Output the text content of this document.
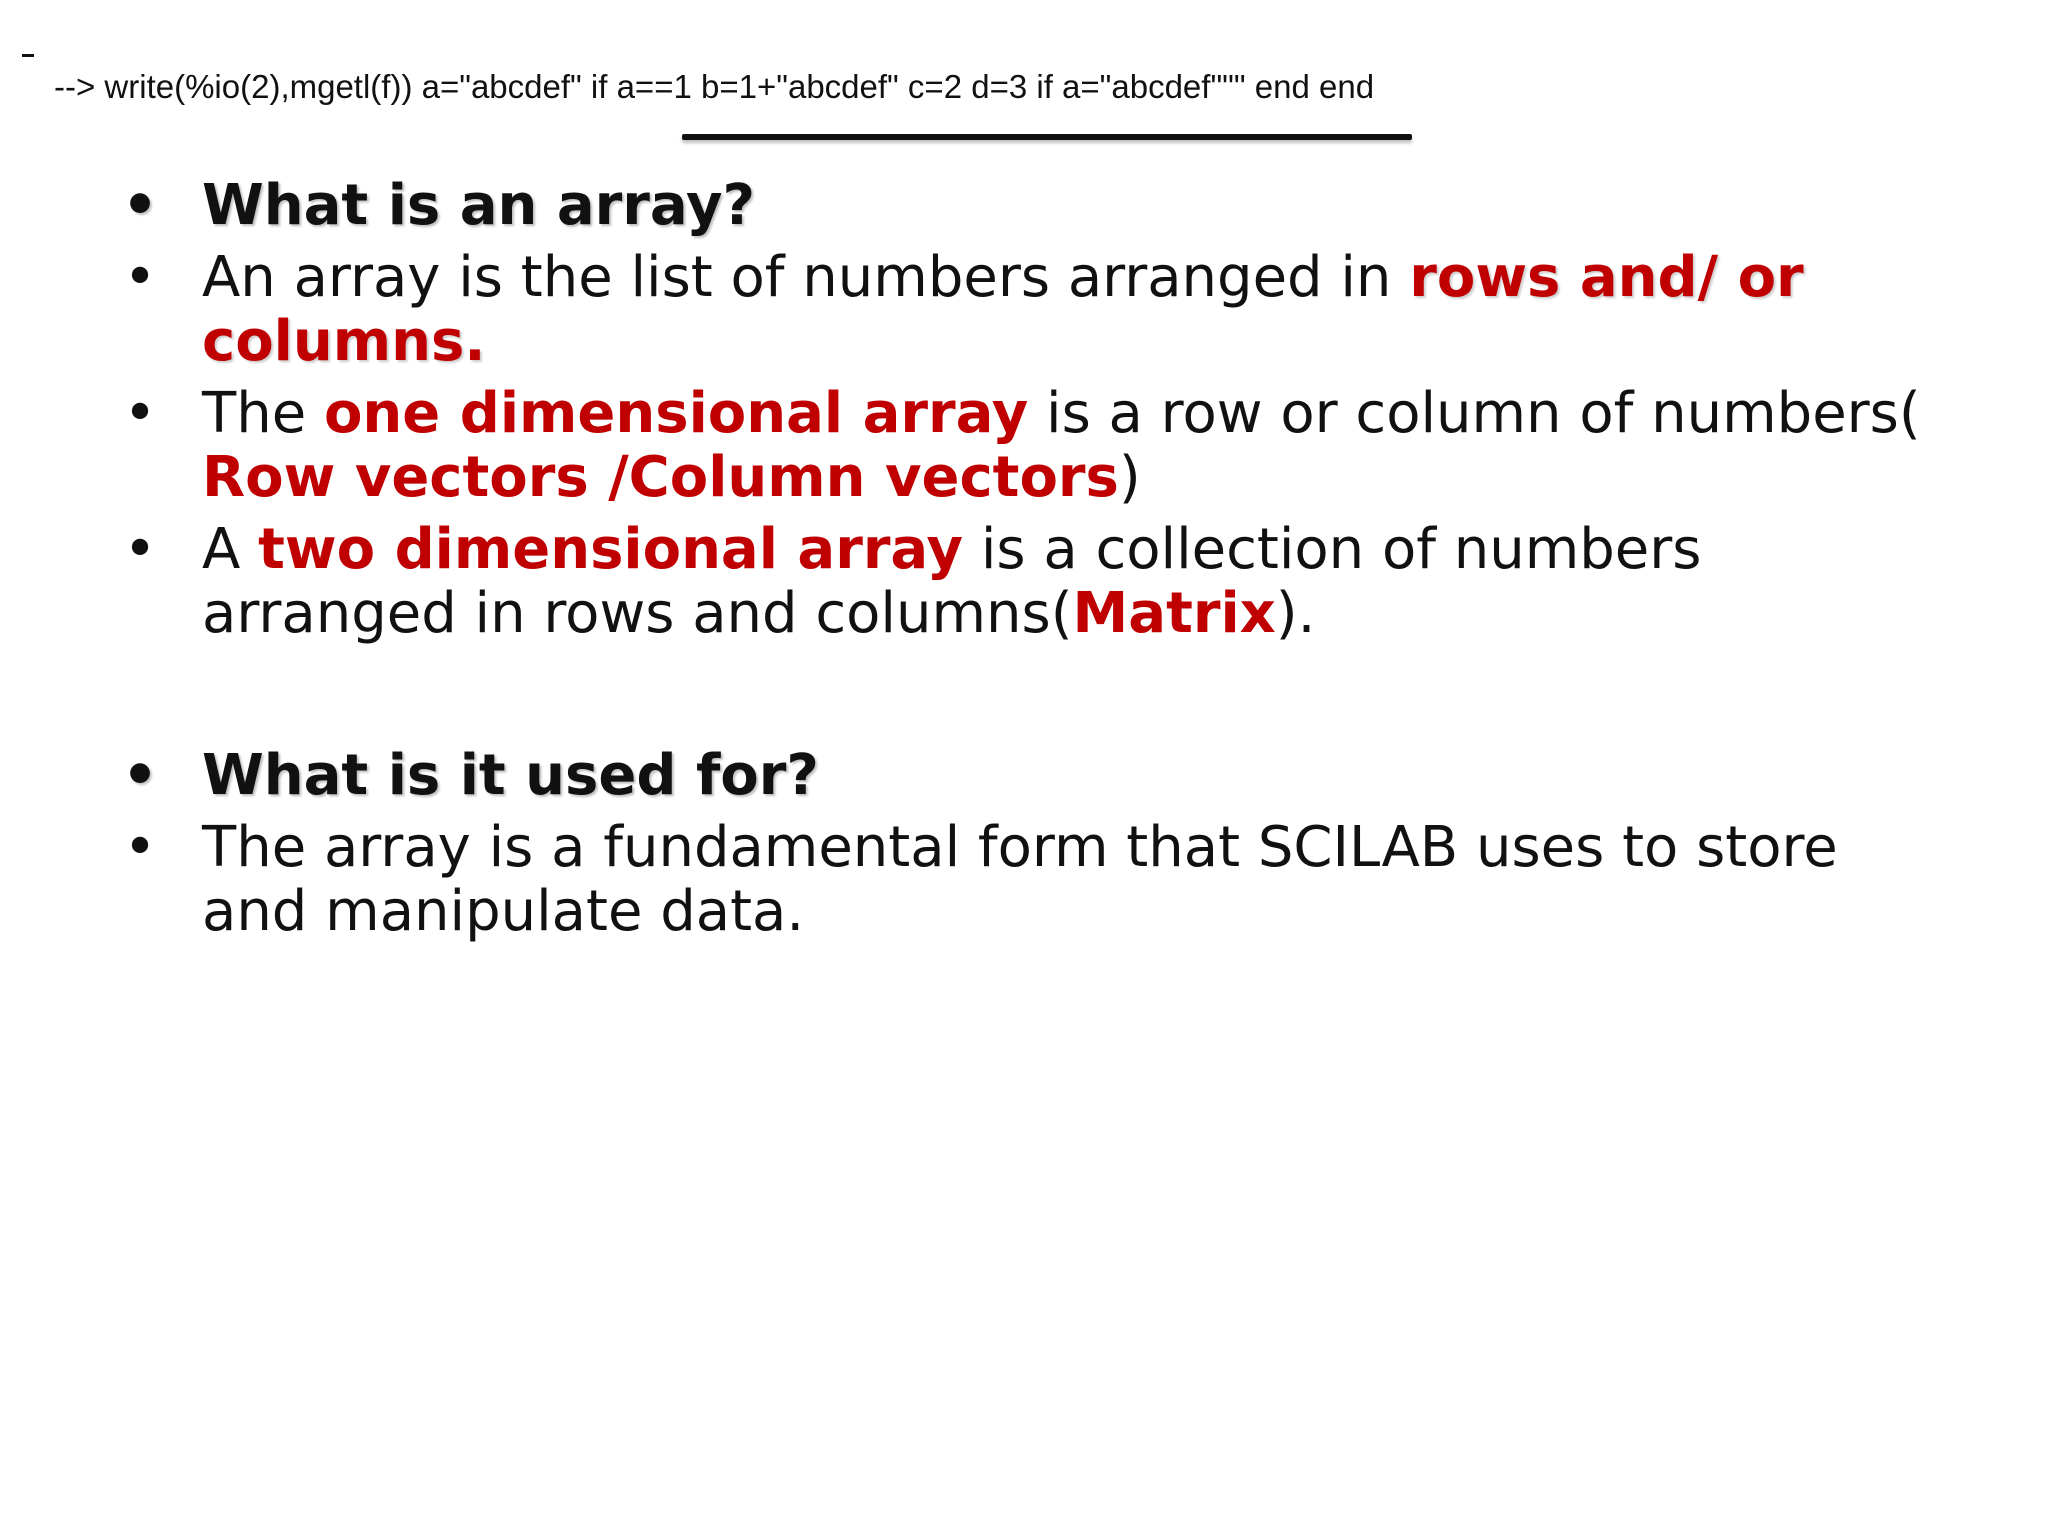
--> write(%io(2),mgetl(f)) a="abcdef" if a==1 b=1+"abcdef" c=2 d=3 if a="abcdef""" end end
• What is an array?
• An array is the list of numbers arranged in rows and/ or columns.
• The one dimensional array is a row or column of numbers( Row vectors /Column vectors)
• A two dimensional array is a collection of numbers arranged in rows and columns(Matrix).
• What is it used for?
• The array is a fundamental form that SCILAB uses to store and manipulate data.
